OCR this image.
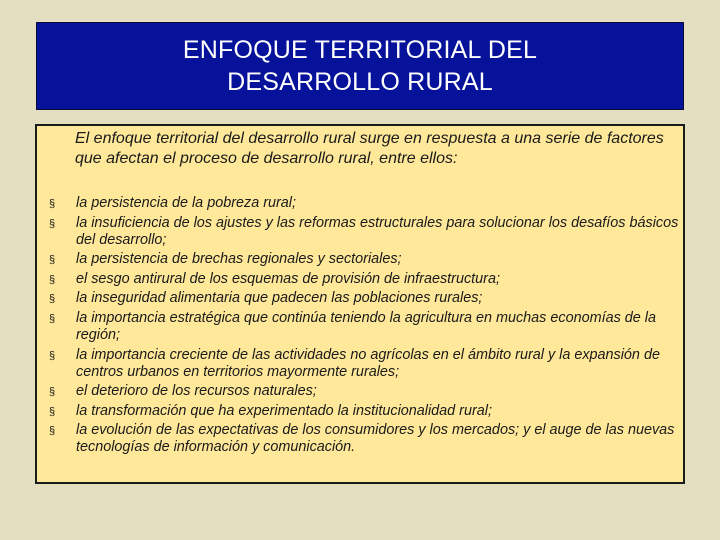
ENFOQUE TERRITORIAL DEL
DESARROLLO RURAL

El enfoque territorial del desarrollo rural surge en respuesta a una serie de factores que afectan el proceso de desarrollo rural, entre ellos:

§	la persistencia de la pobreza rural;
§	la insuficiencia de los ajustes y las reformas estructurales para solucionar los desafíos básicos del desarrollo;
§	la persistencia de brechas regionales y sectoriales;
§	el sesgo antirural de los esquemas de provisión de infraestructura;
§	la inseguridad alimentaria que padecen las poblaciones rurales;
§	la importancia estratégica que continúa teniendo la agricultura en muchas economías de la región;
§	la importancia creciente de las actividades no agrícolas en el ámbito rural y la expansión de centros urbanos en territorios mayormente rurales;
§	el deterioro de los recursos naturales;
§	la transformación que ha experimentado la institucionalidad rural;
§	la evolución de las expectativas de los consumidores y los mercados; y el auge de las nuevas tecnologías de información y comunicación.
